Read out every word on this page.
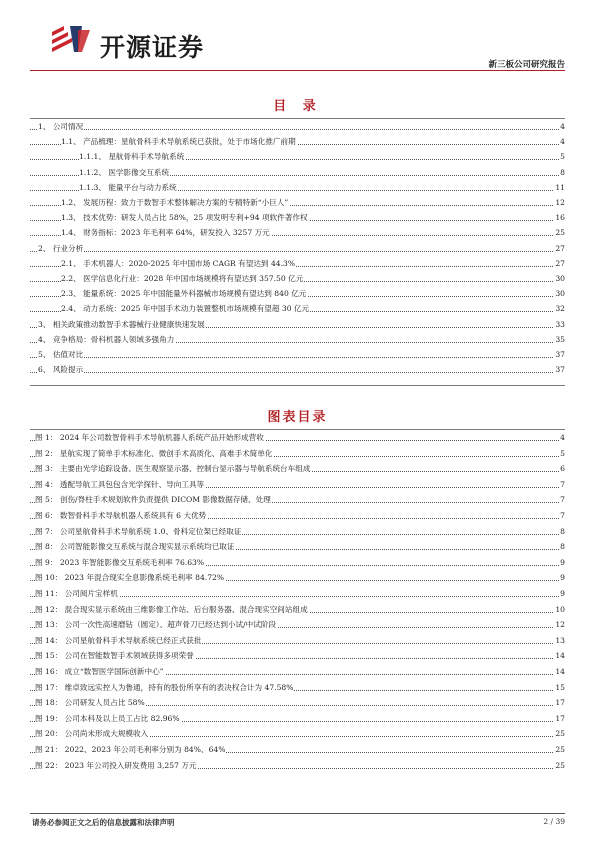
开源证券
新三板公司研究报告
目 录
1、 公司情况	4
1.1、 产品梳理：星航骨科手术导航系统已获批，处于市场化推广前期	4
1.1.1、 星航骨科手术导航系统	5
1.1.2、 医学影像交互系统	8
1.1.3、 能量平台与动力系统	11
1.2、 发展历程：致力于数智手术整体解决方案的专精特新“小巨人”	12
1.3、 技术优势：研发人员占比 58%，25 项发明专利+94 项软件著作权	16
1.4、 财务指标：2023 年毛利率 64%，研发投入 3257 万元	25
2、 行业分析	27
2.1、 手术机器人：2020-2025 年中国市场 CAGR 有望达到 44.3%	27
2.2、 医学信息化行业：2028 年中国市场规模将有望达到 357.50 亿元	30
2.3、 能量系统：2025 年中国能量外科器械市场规模有望达到 840 亿元	30
2.4、 动力系统：2025 年中国手术动力装置整机市场规模有望超 30 亿元	32
3、 相关政策推动数智手术器械行业健康快速发展	33
4、 竞争格局：骨科机器人领域多强角力	35
5、 估值对比	37
6、 风险提示	37
图表目录
图 1： 2024 年公司数智骨科手术导航机器人系统产品开始形成营收	4
图 2： 星航实现了简单手术标准化、微创手术高质化、高难手术简单化	5
图 3： 主要由光学追踪设备、医生观察显示器、控制台显示器与导航系统台车组成	6
图 4： 透配导航工具包包含光学探针、导向工具等	7
图 5： 创伤/脊柱手术规划软件负责提供 DICOM 影像数据存储、处理	7
图 6： 数智骨科手术导航机器人系统具有 6 大优势	7
图 7： 公司星航骨科手术导航系统 1.0、骨科定位架已经取证	8
图 8： 公司智能影像交互系统与混合现实显示系统均已取证	8
图 9： 2023 年智能影像交互系统毛利率 76.63%	9
图 10： 2023 年混合现实全息影像系统毛利率 84.72%	9
图 11： 公司阅片宝样机	9
图 12： 混合现实显示系统由三维影像工作站、后台服务器、混合现实空间站组成	10
图 13： 公司一次性高速磨钻（圆定）、超声骨刀已经达到小试/中试阶段	12
图 14： 公司星航骨科手术导航系统已经正式获批	13
图 15： 公司在智能数智手术领域获得多项荣誉	14
图 16： 成立“数智医学国际创新中心”	14
图 17： 维卓致远实控人为鲁通，持有的股份所享有的表决权合计为 47.58%	15
图 18： 公司研发人员占比 58%	17
图 19： 公司本科及以上员工占比 82.96%	17
图 20： 公司尚未形成大规模收入	25
图 21： 2022、2023 年公司毛利率分别为 84%、64%	25
图 22： 2023 年公司投入研发费用 3,257 万元	25
请务必参阅正文之后的信息披露和法律声明	2 / 39
